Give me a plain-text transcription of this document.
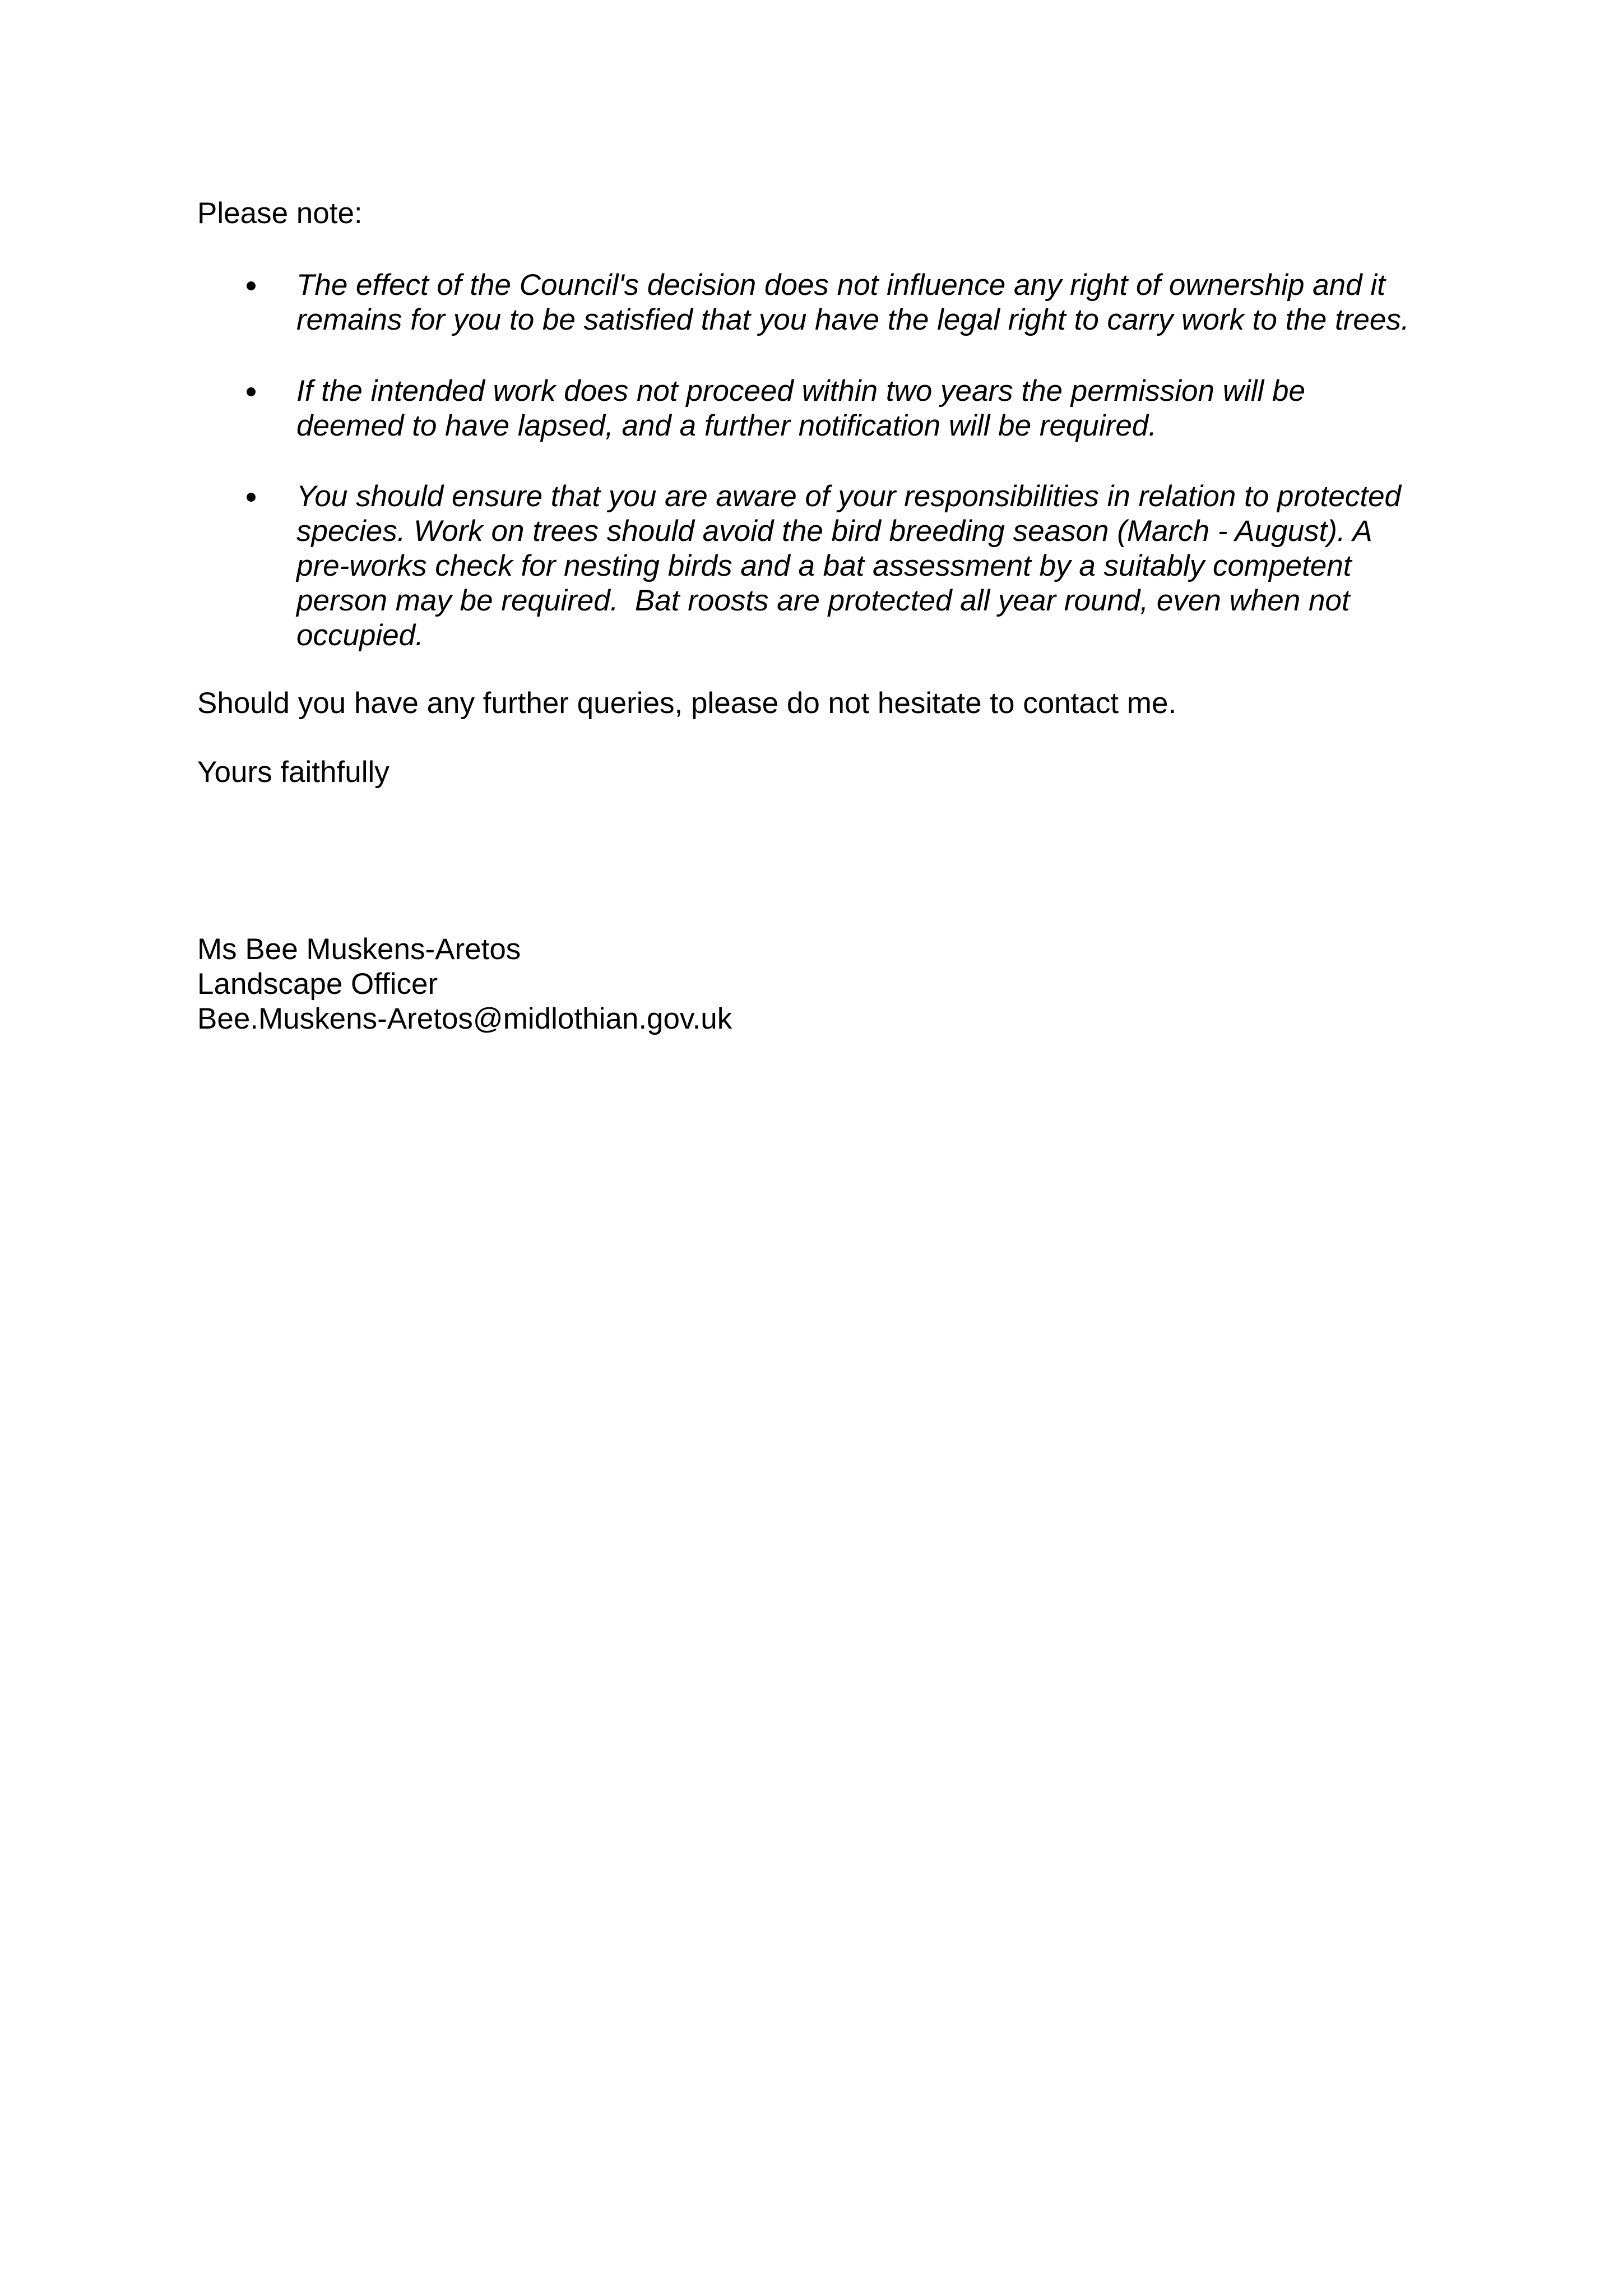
Please note:

The effect of the Council's decision does not influence any right of ownership and it

remains for you to be satisfied that you have the legal right to carry work to the trees.

If the intended work does not proceed within two years the permission will be

deemed to have lapsed, and a further notification will be required.

You should ensure that you are aware of your responsibilities in relation to protected

species. Work on trees should avoid the bird breeding season (March - August). A

pre-works check for nesting birds and a bat assessment by a suitably competent

person may be required.  Bat roosts are protected all year round, even when not

occupied.

Should you have any further queries, please do not hesitate to contact me.

Yours faithfully

Ms Bee Muskens-Aretos
Landscape Officer
Bee.Muskens-Aretos@midlothian.gov.uk
